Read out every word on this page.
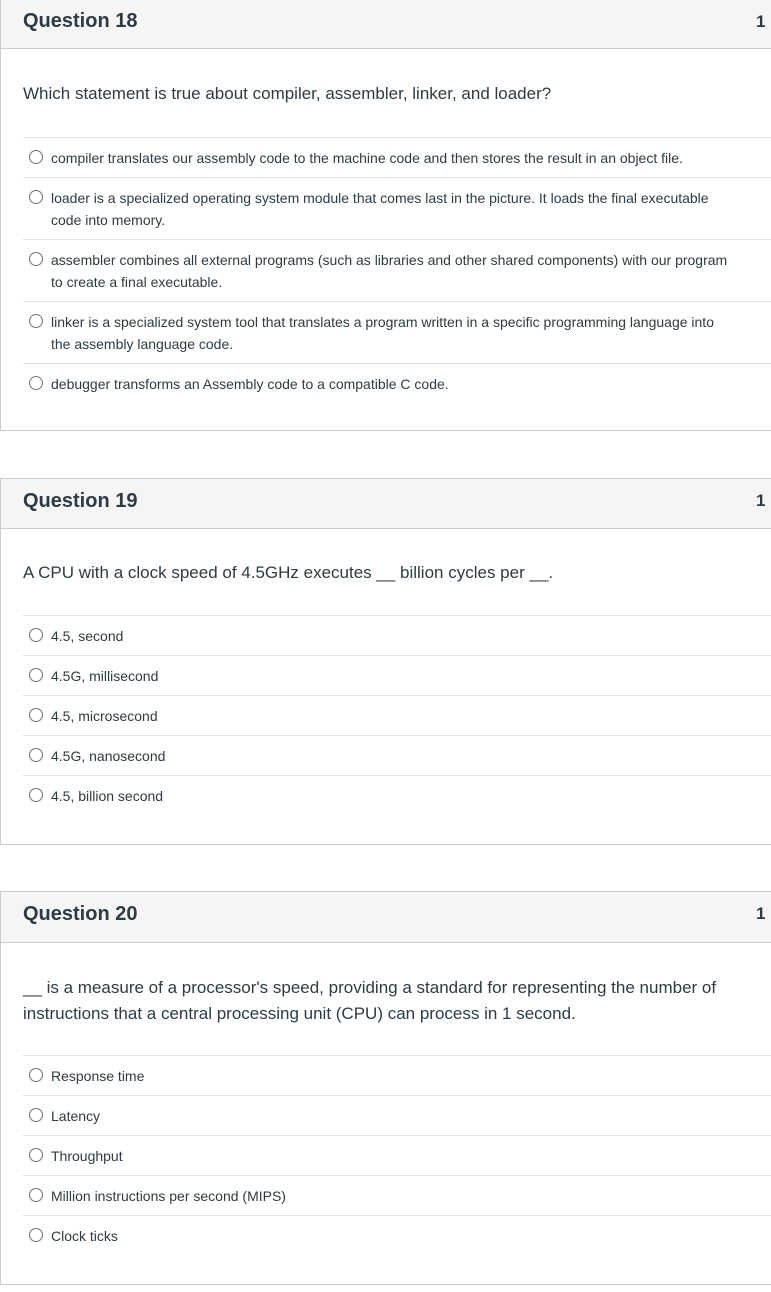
Question 18	1
Which statement is true about compiler, assembler, linker, and loader?
compiler translates our assembly code to the machine code and then stores the result in an object file.
loader is a specialized operating system module that comes last in the picture. It loads the final executable
code into memory.
assembler combines all external programs (such as libraries and other shared components) with our program
to create a final executable.
linker is a specialized system tool that translates a program written in a specific programming language into
the assembly language code.
debugger transforms an Assembly code to a compatible C code.
Question 19	1
A CPU with a clock speed of 4.5GHz executes __ billion cycles per __.
4.5, second
4.5G, millisecond
4.5, microsecond
4.5G, nanosecond
4.5, billion second
Question 20	1
__ is a measure of a processor's speed, providing a standard for representing the number of
instructions that a central processing unit (CPU) can process in 1 second.
Response time
Latency
Throughput
Million instructions per second (MIPS)
Clock ticks
